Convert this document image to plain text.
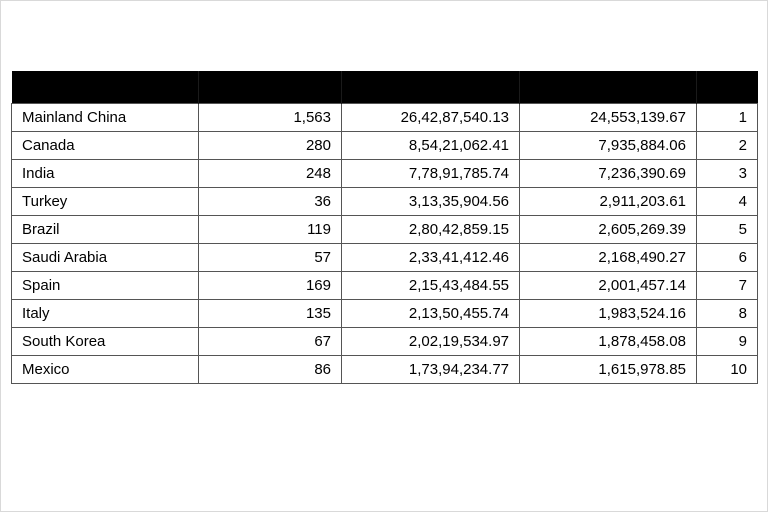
Mainland China	1,563	26,42,87,540.13	24,553,139.67	1
Canada	280	8,54,21,062.41	7,935,884.06	2
India	248	7,78,91,785.74	7,236,390.69	3
Turkey	36	3,13,35,904.56	2,911,203.61	4
Brazil	119	2,80,42,859.15	2,605,269.39	5
Saudi Arabia	57	2,33,41,412.46	2,168,490.27	6
Spain	169	2,15,43,484.55	2,001,457.14	7
Italy	135	2,13,50,455.74	1,983,524.16	8
South Korea	67	2,02,19,534.97	1,878,458.08	9
Mexico	86	1,73,94,234.77	1,615,978.85	10
